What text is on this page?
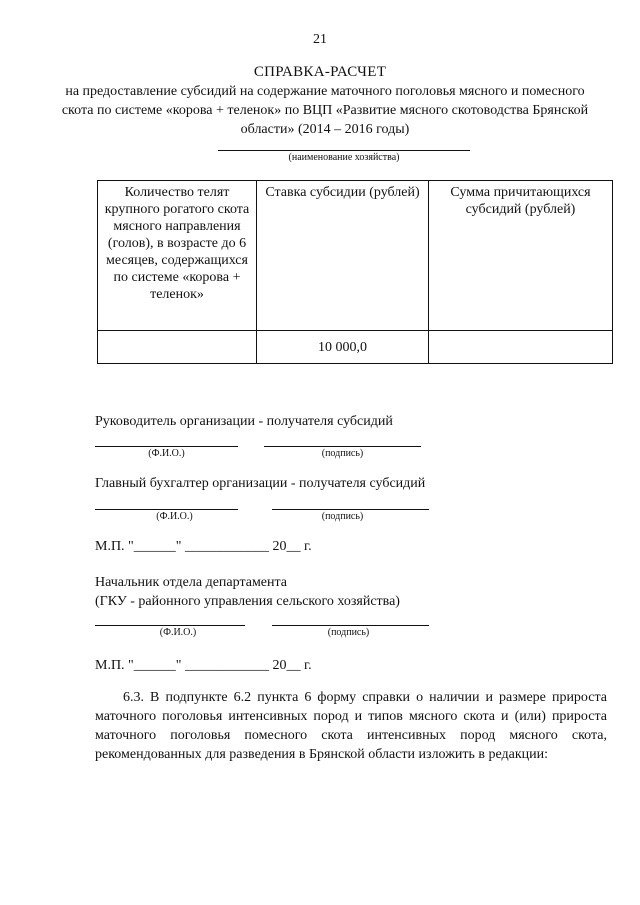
21
СПРАВКА-РАСЧЕТ
на предоставление субсидий на содержание маточного поголовья мясного и помесного скота по системе «корова + теленок» по ВЦП «Развитие мясного скотоводства Брянской области» (2014 – 2016 годы)
(наименование хозяйства)
Количество телят крупного рогатого скота мясного направления (голов), в возрасте до 6 месяцев, содержащихся по системе «корова + теленок»	Ставка субсидии (рублей)	Сумма причитающихся субсидий (рублей)
	10 000,0	
Руководитель организации - получателя субсидий
(Ф.И.О.)	(подпись)
Главный бухгалтер организации - получателя субсидий
(Ф.И.О.)	(подпись)
М.П. "______" ____________ 20__ г.
Начальник отдела департамента
(ГКУ - районного управления сельского хозяйства)
(Ф.И.О.)	(подпись)
М.П. "______" ____________ 20__ г.
6.3. В подпункте 6.2 пункта 6 форму справки о наличии и размере прироста маточного поголовья интенсивных пород и типов мясного скота и (или) прироста маточного поголовья помесного скота интенсивных пород мясного скота, рекомендованных для разведения в Брянской области изложить в редакции:
